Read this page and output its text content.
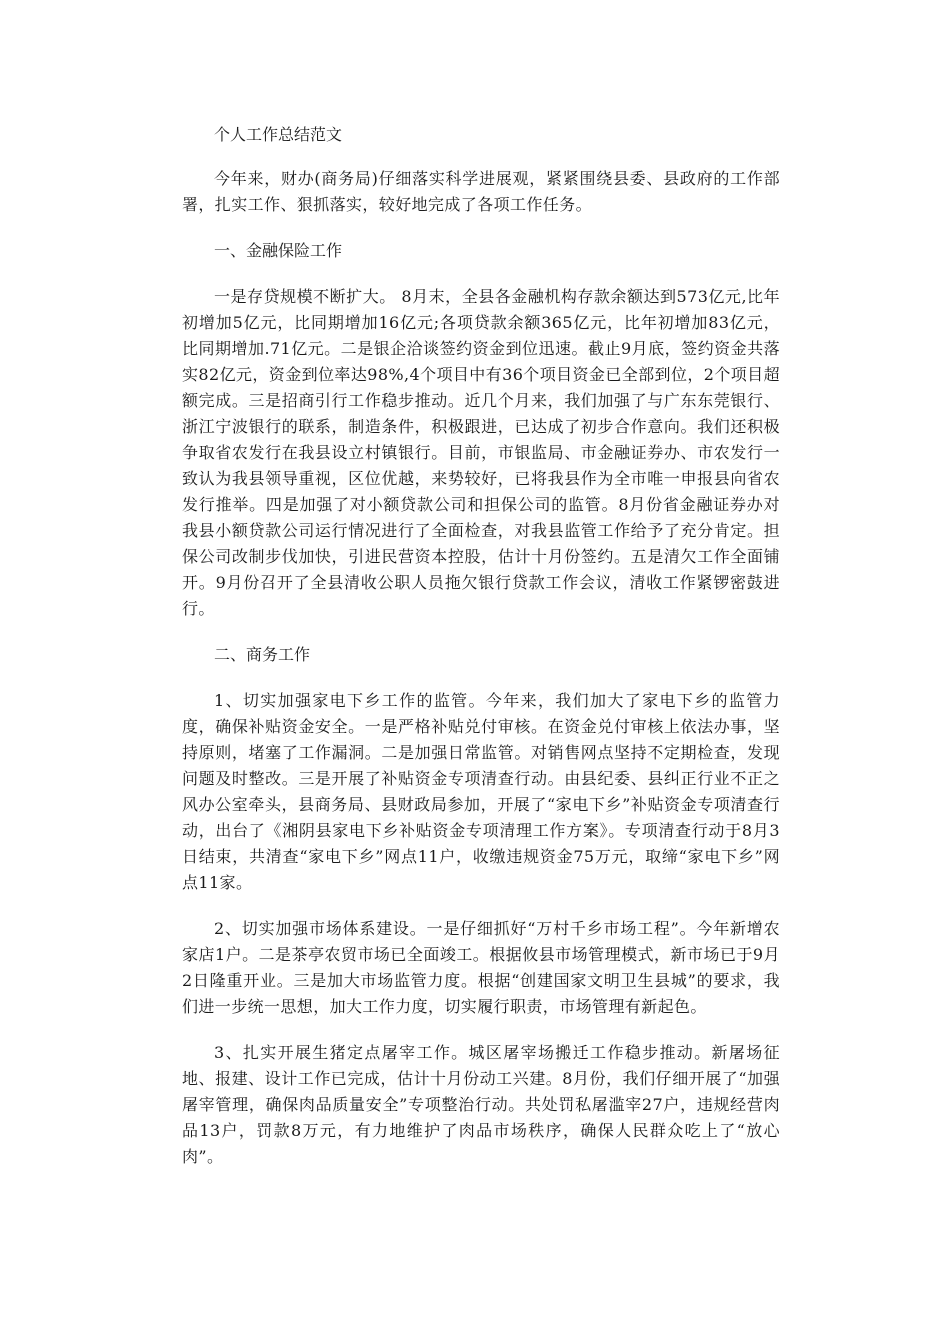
个人工作总结范文

今年来，财办(商务局)仔细落实科学进展观，紧紧围绕县委、县政府的工作部署，扎实工作、狠抓落实，较好地完成了各项工作任务。

一、金融保险工作

一是存贷规模不断扩大。 8月末，全县各金融机构存款余额达到573亿元,比年初增加5亿元，比同期增加16亿元;各项贷款余额365亿元，比年初增加83亿元，比同期增加.71亿元。二是银企洽谈签约资金到位迅速。截止9月底，签约资金共落实82亿元，资金到位率达98%,4个项目中有36个项目资金已全部到位，2个项目超额完成。三是招商引行工作稳步推动。近几个月来，我们加强了与广东东莞银行、浙江宁波银行的联系，制造条件，积极跟进，已达成了初步合作意向。我们还积极争取省农发行在我县设立村镇银行。目前，市银监局、市金融证券办、市农发行一致认为我县领导重视，区位优越，来势较好，已将我县作为全市唯一申报县向省农发行推举。四是加强了对小额贷款公司和担保公司的监管。8月份省金融证券办对我县小额贷款公司运行情况进行了全面检查，对我县监管工作给予了充分肯定。担保公司改制步伐加快，引进民营资本控股，估计十月份签约。五是清欠工作全面铺开。9月份召开了全县清收公职人员拖欠银行贷款工作会议，清收工作紧锣密鼓进行。

二、商务工作

1、切实加强家电下乡工作的监管。今年来，我们加大了家电下乡的监管力度，确保补贴资金安全。一是严格补贴兑付审核。在资金兑付审核上依法办事，坚持原则，堵塞了工作漏洞。二是加强日常监管。对销售网点坚持不定期检查，发现问题及时整改。三是开展了补贴资金专项清查行动。由县纪委、县纠正行业不正之风办公室牵头，县商务局、县财政局参加，开展了“家电下乡”补贴资金专项清查行动，出台了《湘阴县家电下乡补贴资金专项清理工作方案》。专项清查行动于8月3日结束，共清查“家电下乡”网点11户，收缴违规资金75万元，取缔“家电下乡”网点11家。

2、切实加强市场体系建设。一是仔细抓好“万村千乡市场工程”。今年新增农家店1户。二是茶亭农贸市场已全面竣工。根据攸县市场管理模式，新市场已于9月2日隆重开业。三是加大市场监管力度。根据“创建国家文明卫生县城”的要求，我们进一步统一思想，加大工作力度，切实履行职责，市场管理有新起色。

3、扎实开展生猪定点屠宰工作。城区屠宰场搬迁工作稳步推动。新屠场征地、报建、设计工作已完成，估计十月份动工兴建。8月份，我们仔细开展了“加强屠宰管理，确保肉品质量安全”专项整治行动。共处罚私屠滥宰27户，违规经营肉品13户，罚款8万元，有力地维护了肉品市场秩序，确保人民群众吃上了“放心肉”。
